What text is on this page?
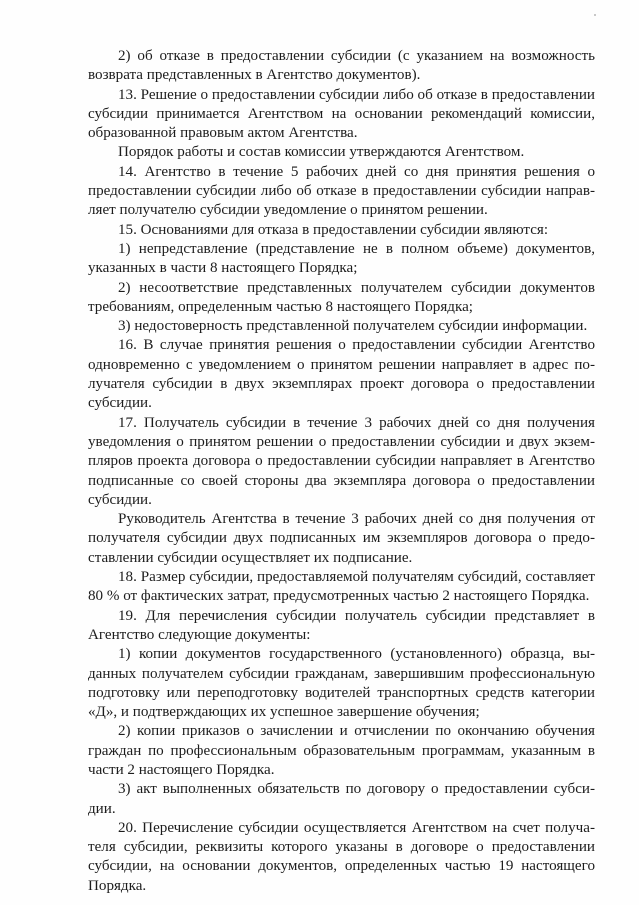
2) об отказе в предоставлении субсидии (с указанием на возможность возврата представленных в Агентство документов).

13. Решение о предоставлении субсидии либо об отказе в предоставлении субсидии принимается Агентством на основании рекомендаций комиссии, образованной правовым актом Агентства.

Порядок работы и состав комиссии утверждаются Агентством.

14. Агентство в течение 5 рабочих дней со дня принятия решения о предоставлении субсидии либо об отказе в предоставлении субсидии направляет получателю субсидии уведомление о принятом решении.

15. Основаниями для отказа в предоставлении субсидии являются:

1) непредставление (представление не в полном объеме) документов, указанных в части 8 настоящего Порядка;

2) несоответствие представленных получателем субсидии документов требованиям, определенным частью 8 настоящего Порядка;

3) недостоверность представленной получателем субсидии информации.

16. В случае принятия решения о предоставлении субсидии Агентство одновременно с уведомлением о принятом решении направляет в адрес получателя субсидии в двух экземплярах проект договора о предоставлении субсидии.

17. Получатель субсидии в течение 3 рабочих дней со дня получения уведомления о принятом решении о предоставлении субсидии и двух экземпляров проекта договора о предоставлении субсидии направляет в Агентство подписанные со своей стороны два экземпляра договора о предоставлении субсидии.

Руководитель Агентства в течение 3 рабочих дней со дня получения от получателя субсидии двух подписанных им экземпляров договора о предоставлении субсидии осуществляет их подписание.

18. Размер субсидии, предоставляемой получателям субсидий, составляет 80 % от фактических затрат, предусмотренных частью 2 настоящего Порядка.

19. Для перечисления субсидии получатель субсидии представляет в Агентство следующие документы:

1) копии документов государственного (установленного) образца, выданных получателем субсидии гражданам, завершившим профессиональную подготовку или переподготовку водителей транспортных средств категории «Д», и подтверждающих их успешное завершение обучения;

2) копии приказов о зачислении и отчислении по окончанию обучения граждан по профессиональным образовательным программам, указанным в части 2 настоящего Порядка.

3) акт выполненных обязательств по договору о предоставлении субсидии.

20. Перечисление субсидии осуществляется Агентством на счет получателя субсидии, реквизиты которого указаны в договоре о предоставлении субсидии, на основании документов, определенных частью 19 настоящего Порядка.
